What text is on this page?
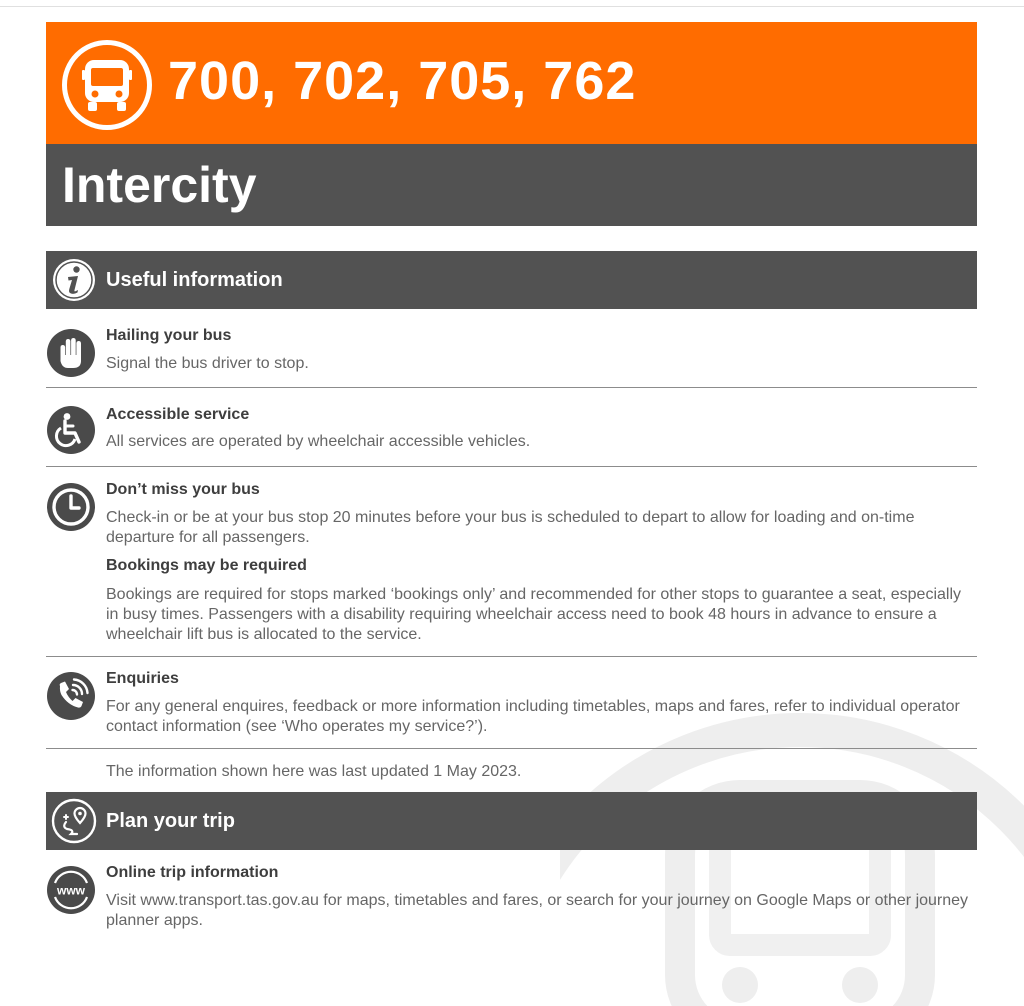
700, 702, 705, 762
Intercity
Useful information
Hailing your bus
Signal the bus driver to stop.
Accessible service
All services are operated by wheelchair accessible vehicles.
Don’t miss your bus
Check-in or be at your bus stop 20 minutes before your bus is scheduled to depart to allow for loading and on-time departure for all passengers.
Bookings may be required
Bookings are required for stops marked ‘bookings only’ and recommended for other stops to guarantee a seat, especially in busy times. Passengers with a disability requiring wheelchair access need to book 48 hours in advance to ensure a wheelchair lift bus is allocated to the service.
Enquiries
For any general enquires, feedback or more information including timetables, maps and fares, refer to individual operator contact information (see ‘Who operates my service?’).
The information shown here was last updated 1 May 2023.
Plan your trip
www
Online trip information
Visit www.transport.tas.gov.au for maps, timetables and fares, or search for your journey on Google Maps or other journey planner apps.
